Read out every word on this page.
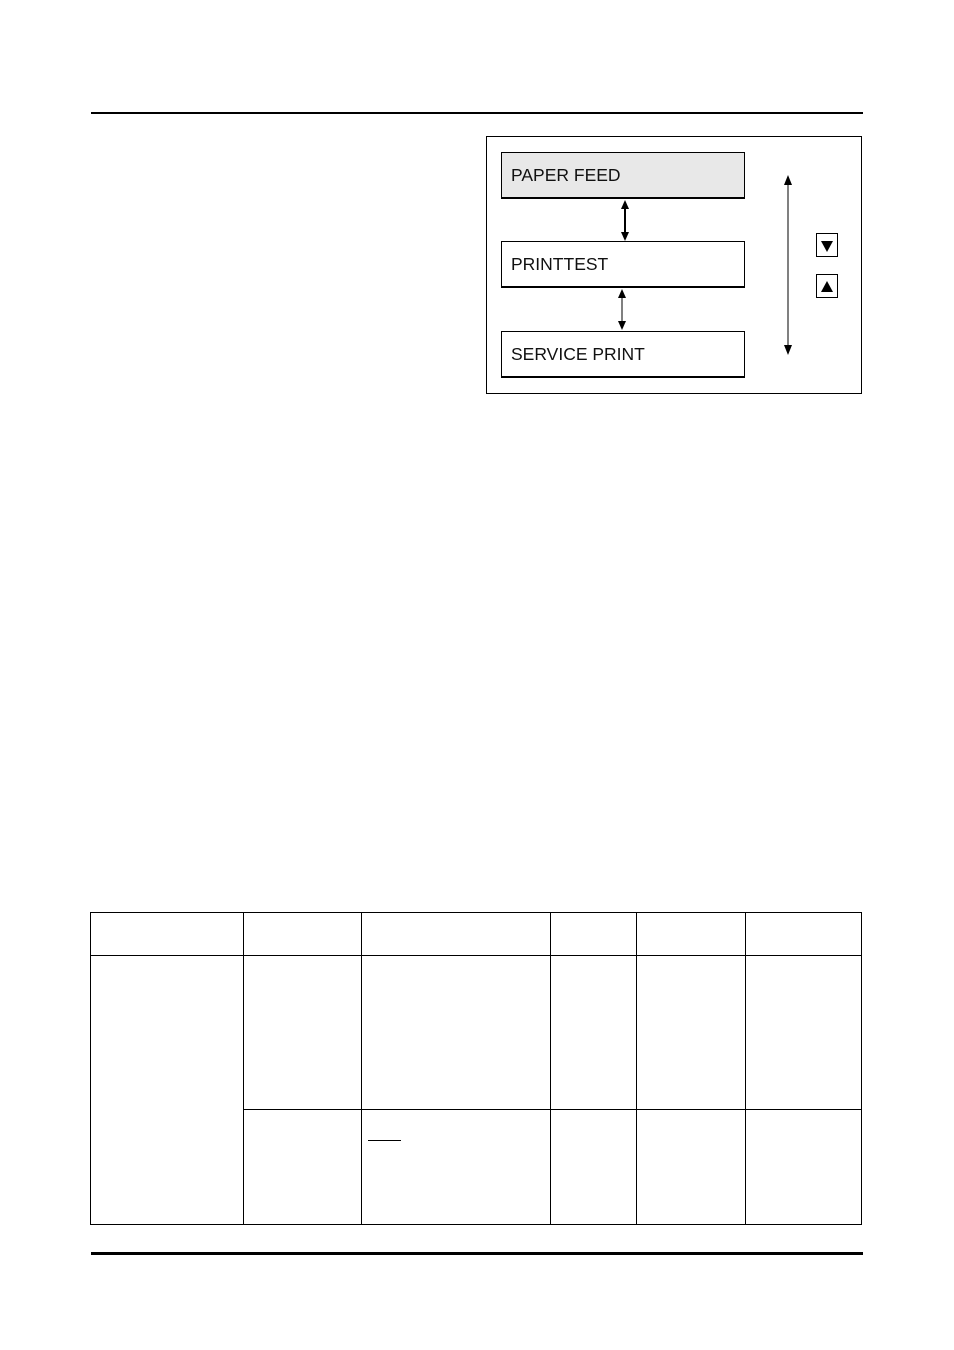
PAPER FEED
PRINTTEST
SERVICE PRINT
